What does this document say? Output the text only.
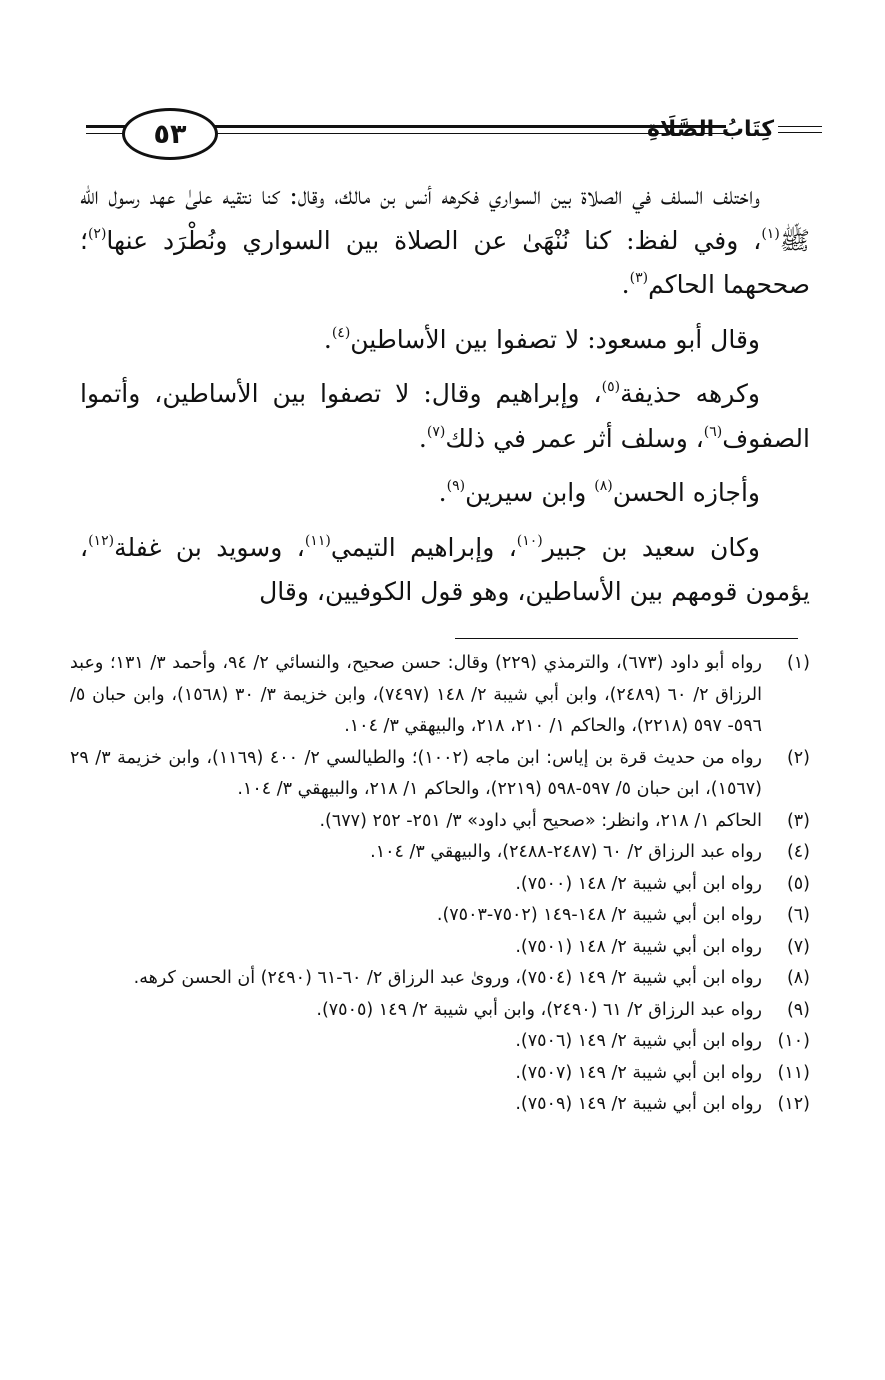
٥٣	كِتَابُ الصَّلَاةِ

واختلف السلف في الصلاة بين السواري فكرهه أنس بن مالك، وقال: كنا نتقيه علىٰ عهد رسول الله ﷺ$^{(١)}$، وفي لفظ: كنا نُنْهَىٰ عن الصلاة بين السواري ونُطْرَد عنها$^{(٢)}$؛ صححهما الحاكم$^{(٣)}$.

وقال أبو مسعود: لا تصفوا بين الأساطين$^{(٤)}$.

وكرهه حذيفة$^{(٥)}$، وإبراهيم وقال: لا تصفوا بين الأساطين، وأتموا الصفوف$^{(٦)}$، وسلف أثر عمر في ذلك$^{(٧)}$.

وأجازه الحسن$^{(٨)}$ وابن سيرين$^{(٩)}$.

وكان سعيد بن جبير$^{(١٠)}$، وإبراهيم التيمي$^{(١١)}$، وسويد بن غفلة$^{(١٢)}$، يؤمون قومهم بين الأساطين، وهو قول الكوفيين، وقال

(١)
رواه أبو داود (٦٧٣)، والترمذي (٢٢٩) وقال: حسن صحيح، والنسائي ٢/ ٩٤، وأحمد ٣/ ١٣١؛ وعبد الرزاق ٢/ ٦٠ (٢٤٨٩)، وابن أبي شيبة ٢/ ١٤٨ (٧٤٩٧)، وابن خزيمة ٣/ ٣٠ (١٥٦٨)، وابن حبان ٥/ ٥٩٦- ٥٩٧ (٢٢١٨)، والحاكم ١/ ٢١٠، ٢١٨، والبيهقي ٣/ ١٠٤.
(٢)
رواه من حديث قرة بن إياس: ابن ماجه (١٠٠٢)؛ والطيالسي ٢/ ٤٠٠ (١١٦٩)، وابن خزيمة ٣/ ٢٩ (١٥٦٧)، ابن حبان ٥/ ٥٩٧-٥٩٨ (٢٢١٩)، والحاكم ١/ ٢١٨، والبيهقي ٣/ ١٠٤.
(٣)
الحاكم ١/ ٢١٨، وانظر: «صحيح أبي داود» ٣/ ٢٥١- ٢٥٢ (٦٧٧).
(٤)
رواه عبد الرزاق ٢/ ٦٠ (٢٤٨٧-٢٤٨٨)، والبيهقي ٣/ ١٠٤.
(٥)
رواه ابن أبي شيبة ٢/ ١٤٨ (٧٥٠٠).
(٦)
رواه ابن أبي شيبة ٢/ ١٤٨-١٤٩ (٧٥٠٢-٧٥٠٣).
(٧)
رواه ابن أبي شيبة ٢/ ١٤٨ (٧٥٠١).
(٨)
رواه ابن أبي شيبة ٢/ ١٤٩ (٧٥٠٤)، وروىٰ عبد الرزاق ٢/ ٦٠-٦١ (٢٤٩٠) أن الحسن كرهه.
(٩)
رواه عبد الرزاق ٢/ ٦١ (٢٤٩٠)، وابن أبي شيبة ٢/ ١٤٩ (٧٥٠٥).
(١٠)
رواه ابن أبي شيبة ٢/ ١٤٩ (٧٥٠٦).
(١١)
رواه ابن أبي شيبة ٢/ ١٤٩ (٧٥٠٧).
(١٢)
رواه ابن أبي شيبة ٢/ ١٤٩ (٧٥٠٩).
